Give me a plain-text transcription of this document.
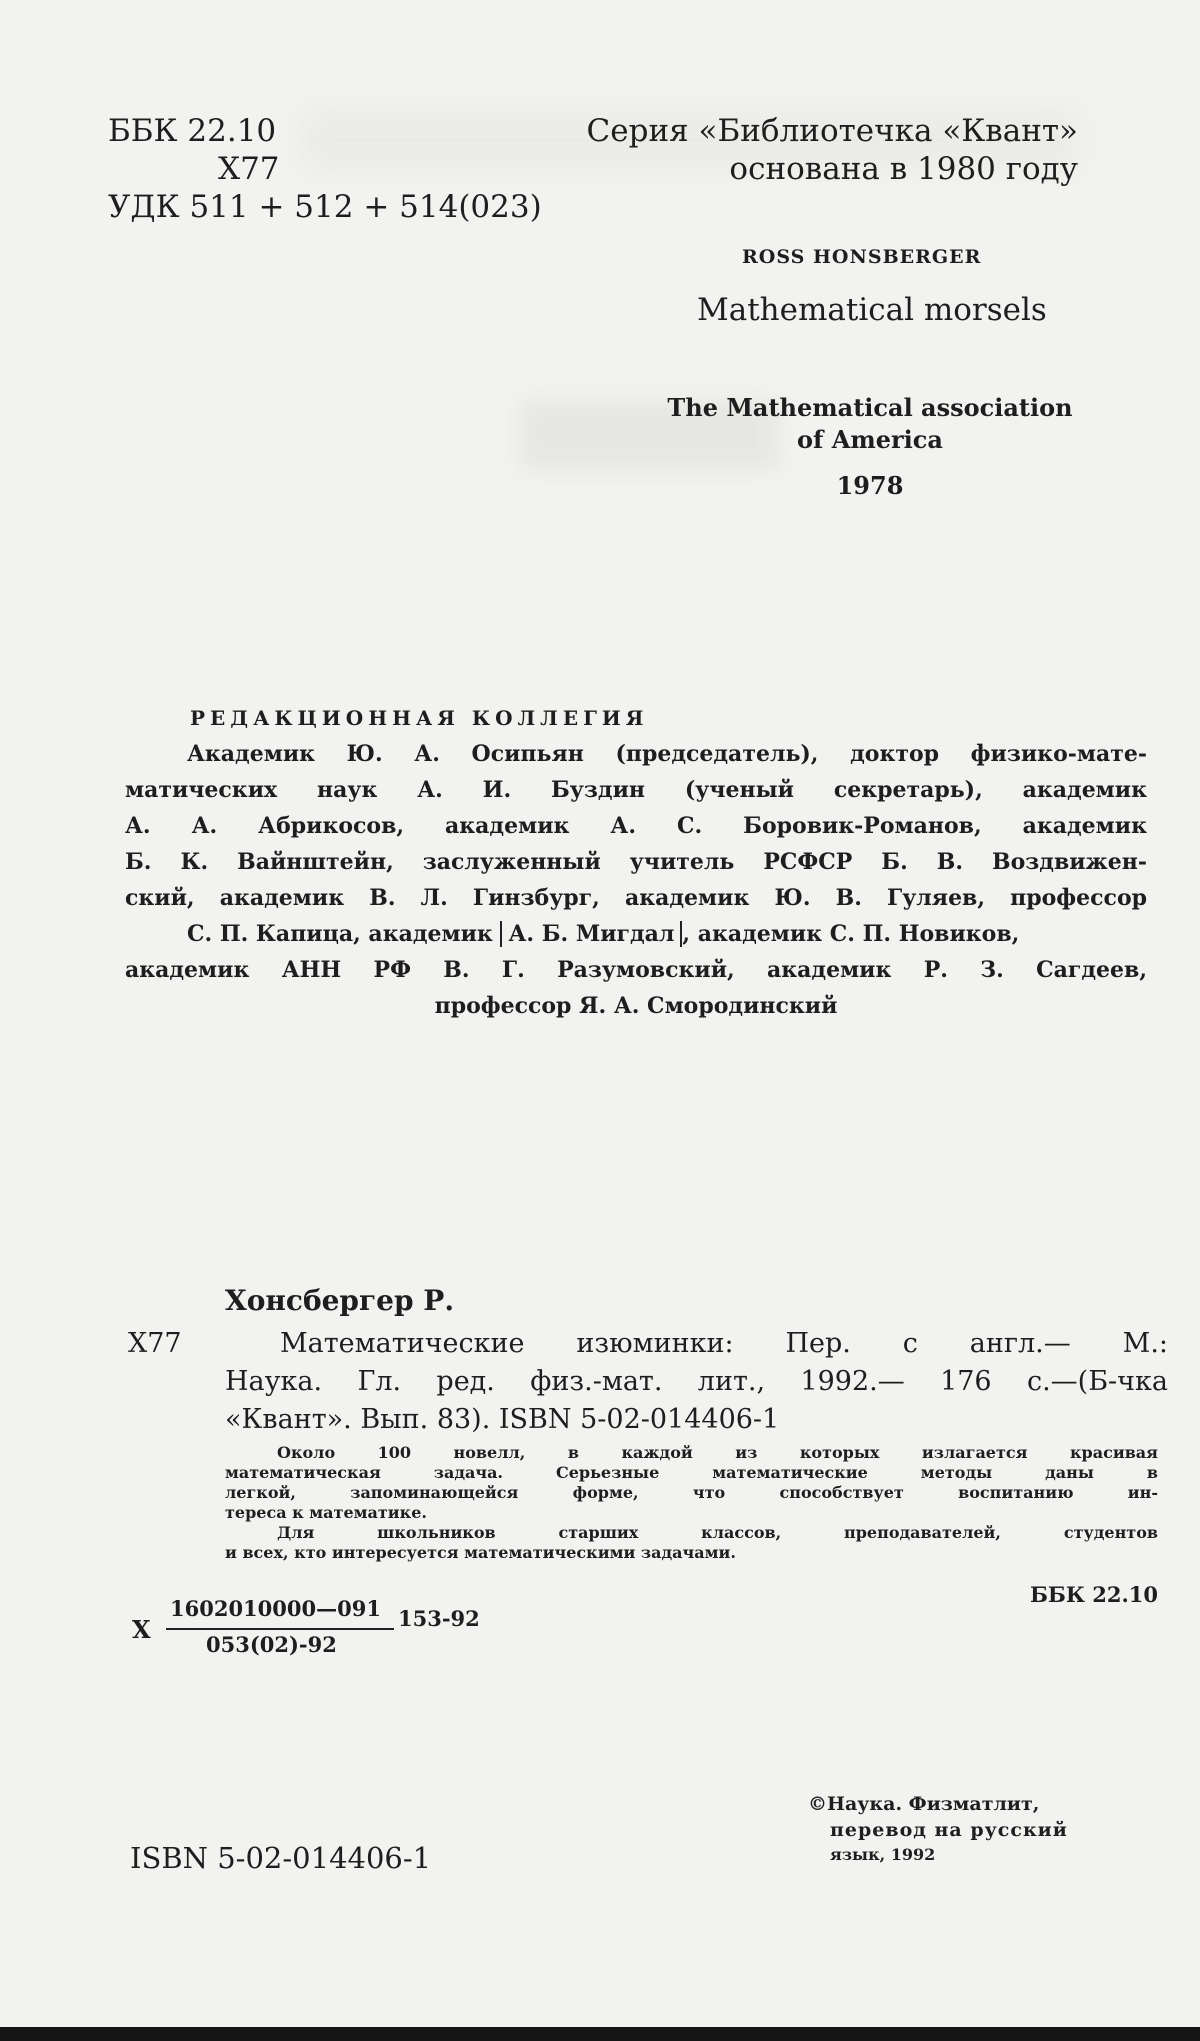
ББК 22.10
X77
УДК 511 + 512 + 514(023)
Серия «Библиотечка «Квант»
основана в 1980 году
ROSS HONSBERGER
Mathematical morsels
The Mathematical association
of America
1978
РЕДАКЦИОННАЯ КОЛЛЕГИЯ

Академик Ю. А. Осипьян (председатель), доктор физико-мате-

матических наук А. И. Буздин (ученый секретарь), академик

А. А. Абрикосов, академик А. С. Боровик-Романов, академик

Б. К. Вайнштейн, заслуженный учитель РСФСР Б. В. Воздвижен-

ский, академик В. Л. Гинзбург, академик Ю. В. Гуляев, профессор

С. П. Капица, академик А. Б. Мигдал , академик С. П. Новиков,

академик АНН РФ В. Г. Разумовский, академик Р. З. Сагдеев,

профессор Я. А. Смородинский

Хонсбергер Р.
X77	Математические изюминки: Пер. с англ.— М.:
Наука. Гл. ред. физ.-мат. лит., 1992.— 176 с.—(Б-чка
«Квант». Вып. 83). ISBN 5-02-014406-1

Около 100 новелл, в каждой из которых излагается красивая

математическая задача. Серьезные математические методы даны в

легкой, запоминающейся форме, что способствует воспитанию ин-

тереса к математике.

Для школьников старших классов, преподавателей, студентов

и всех, кто интересуется математическими задачами.

ББК 22.10
X
1602010000—091 153-92
053(02)-92
ISBN 5-02-014406-1
©Наука. Физматлит,
перевод на русский
язык, 1992
